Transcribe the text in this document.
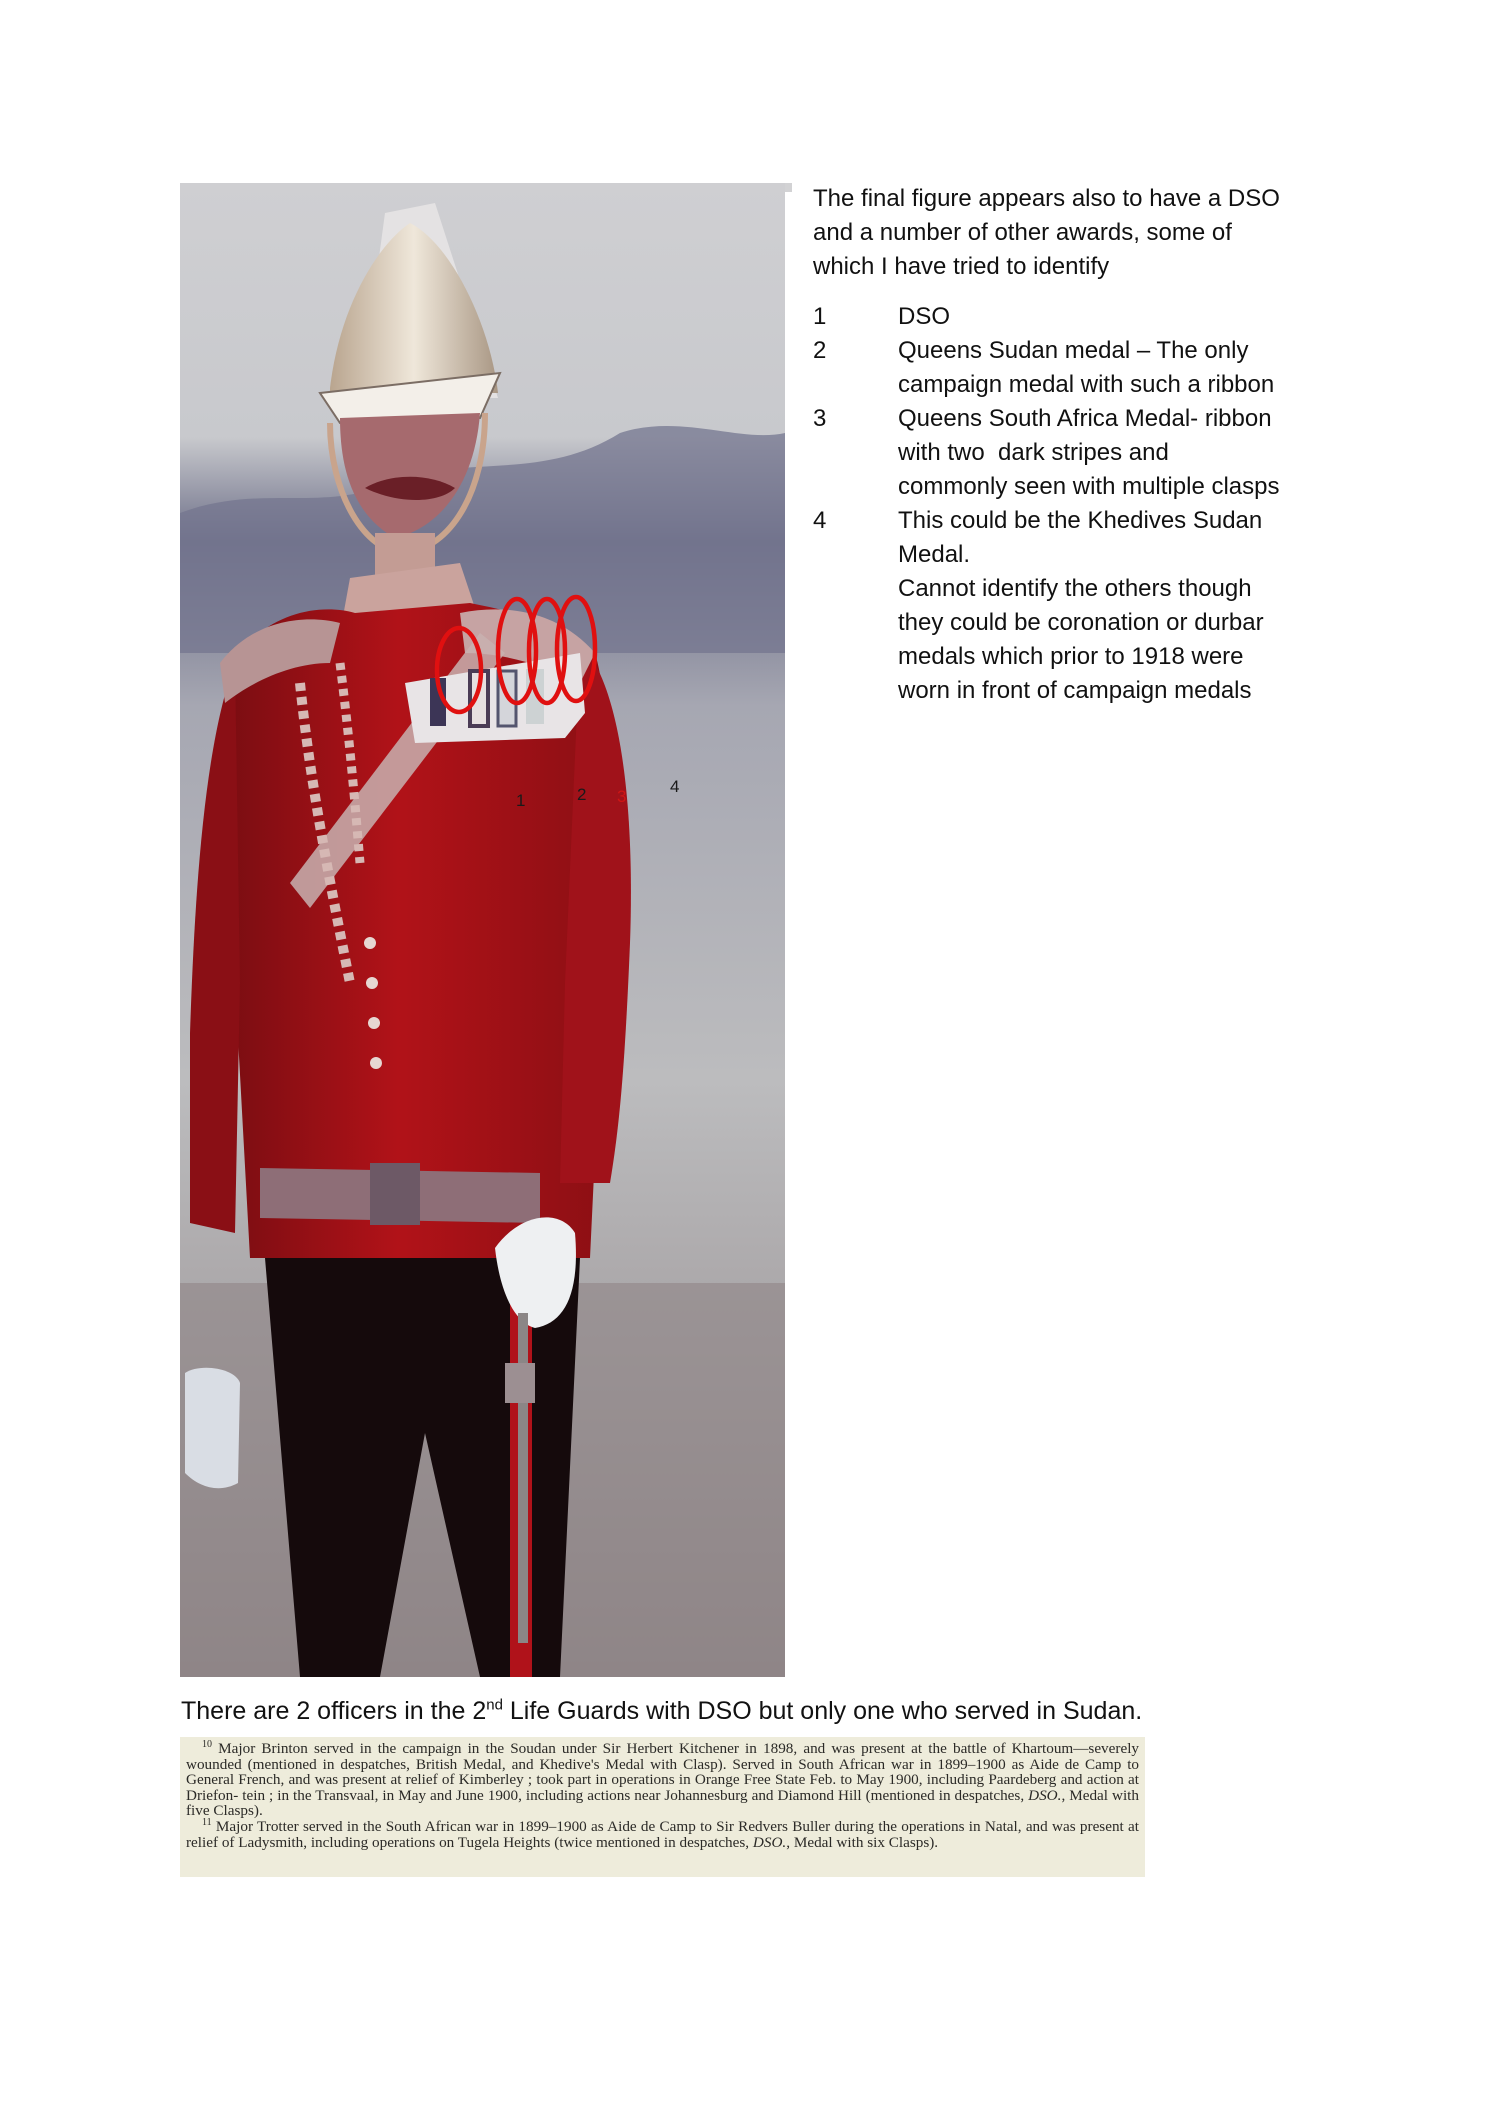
1	2 3
4

The final figure appears also to have a DSO

and a number of other awards, some of

which I have tried to identify

1	DSO

2	Queens Sudan medal – The only

campaign medal with such a ribbon

3	Queens South Africa Medal- ribbon

with two  dark stripes and

commonly seen with multiple clasps

4	This could be the Khedives Sudan

Medal.

Cannot identify the others though

they could be coronation or durbar

medals which prior to 1918 were

worn in front of campaign medals

There are 2 officers in the 2nd Life Guards with DSO but only one who served in Sudan.

$^{10}$ Major Brinton served in the campaign in the Soudan under Sir Herbert Kitchener in 1898, and was present at the battle of Khartoum—severely wounded (mentioned in despatches, British Medal, and Khedive's Medal with Clasp). Served in South African war in 1899–1900 as Aide de Camp to General French, and was present at relief of Kimberley ; took part in operations in Orange Free State Feb. to May 1900, including Paardeberg and action at Driefon- tein ; in the Transvaal, in May and June 1900, including actions near Johannesburg and Diamond Hill (mentioned in despatches, DSO., Medal with five Clasps).

$^{11}$ Major Trotter served in the South African war in 1899–1900 as Aide de Camp to Sir Redvers Buller during the operations in Natal, and was present at relief of Ladysmith, including operations on Tugela Heights (twice mentioned in despatches, DSO., Medal with six Clasps).
